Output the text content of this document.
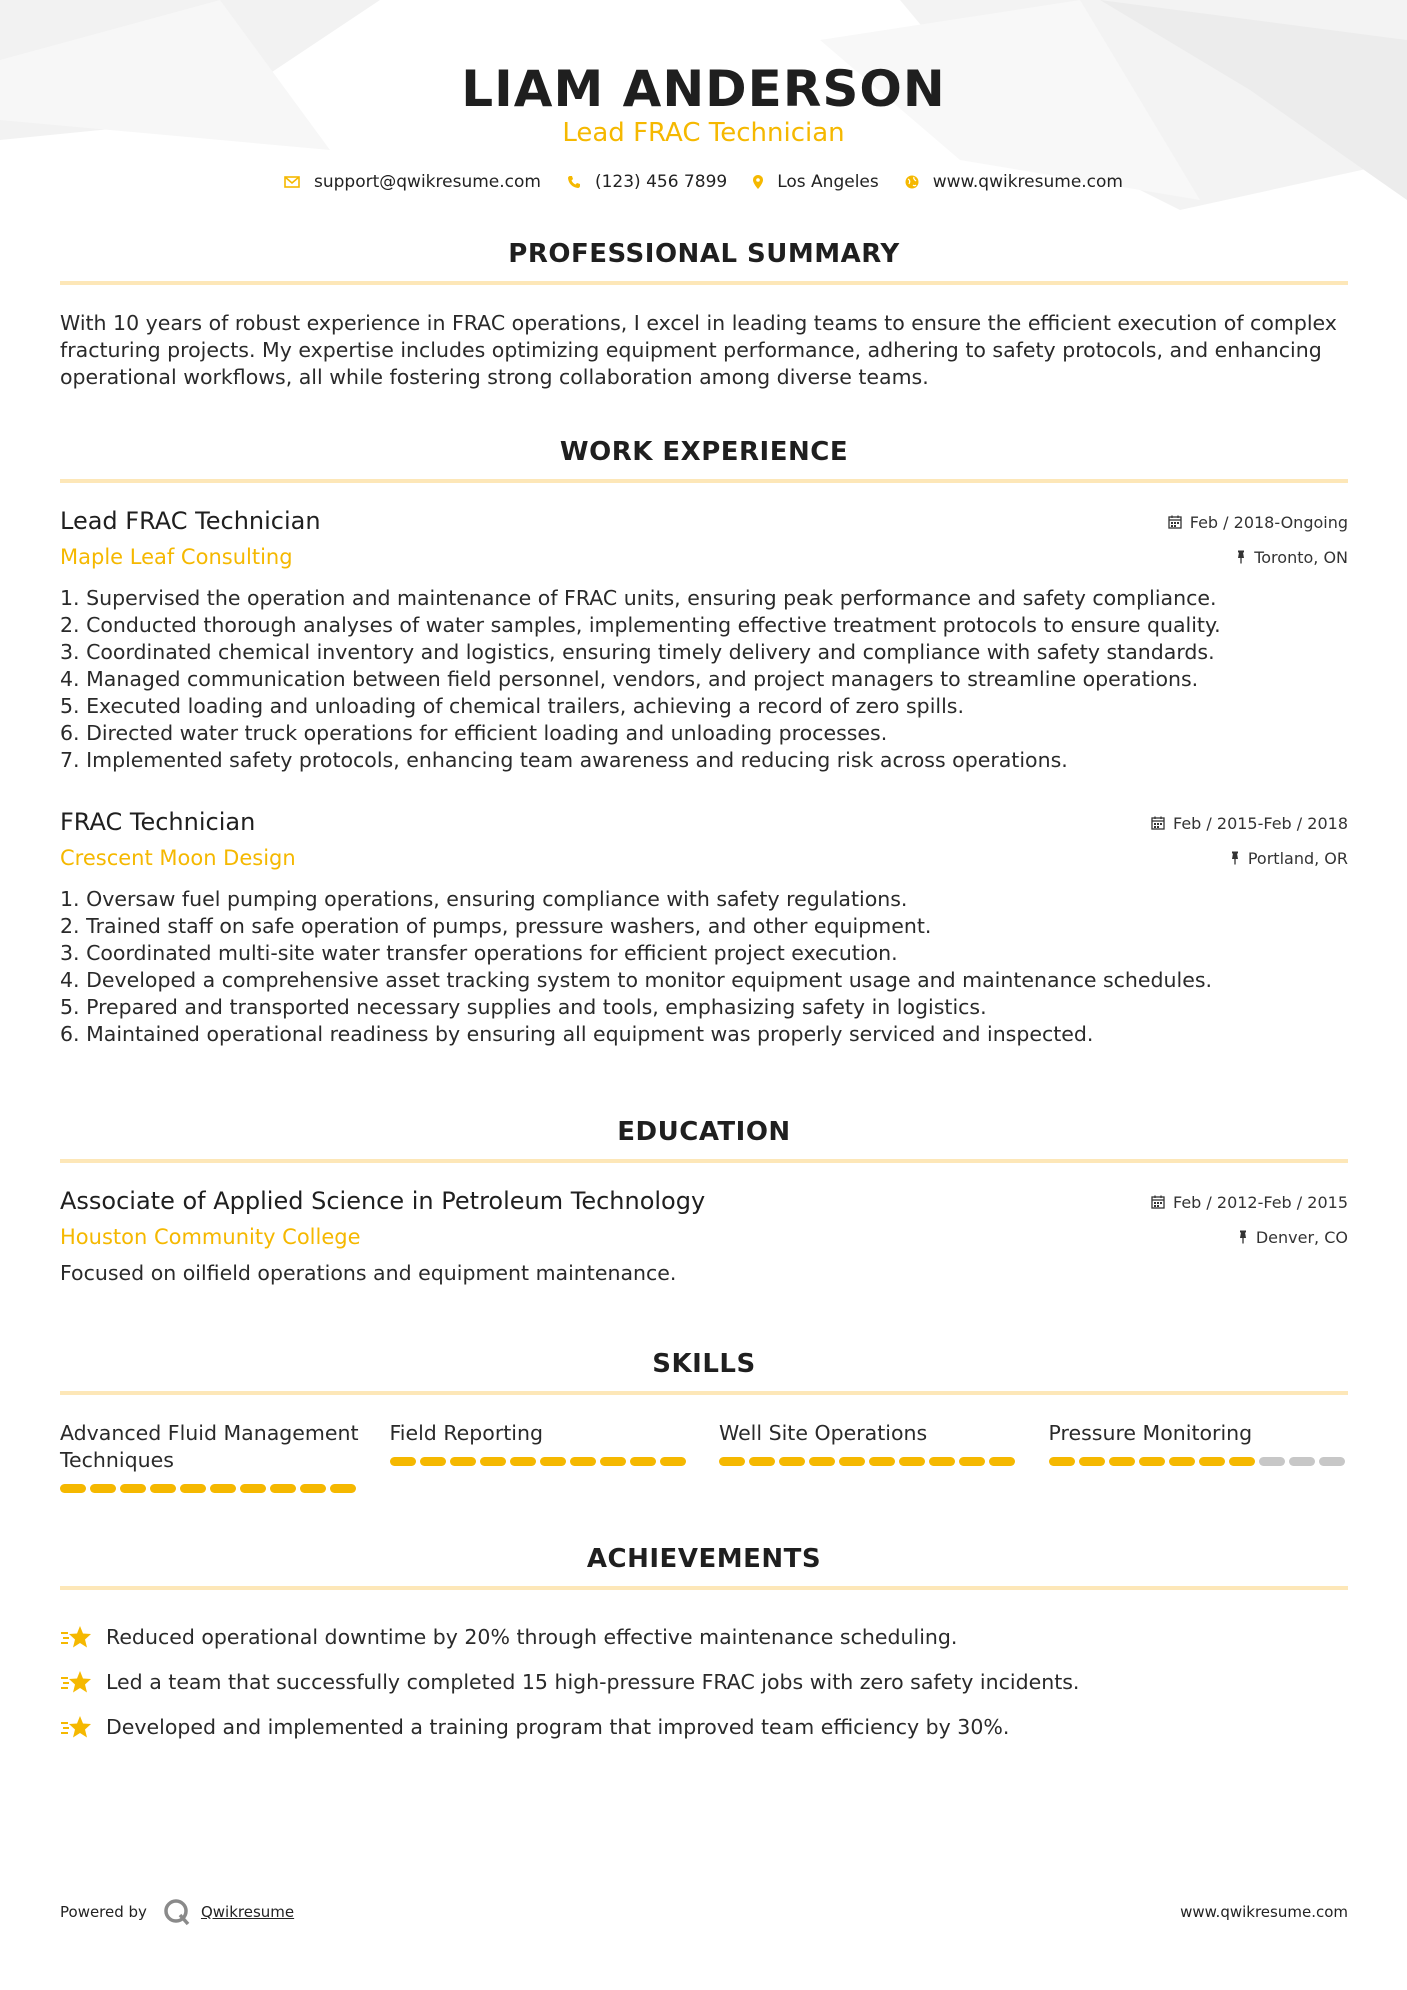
LIAM ANDERSON
Lead FRAC Technician
support@qwikresume.com	(123) 456 7899	Los Angeles	www.qwikresume.com
PROFESSIONAL SUMMARY
With 10 years of robust experience in FRAC operations, I excel in leading teams to ensure the efficient execution of complex fracturing projects. My expertise includes optimizing equipment performance, adhering to safety protocols, and enhancing operational workflows, all while fostering strong collaboration among diverse teams.
WORK EXPERIENCE
Lead FRAC Technician	Feb / 2018-Ongoing
Maple Leaf Consulting	Toronto, ON
1. Supervised the operation and maintenance of FRAC units, ensuring peak performance and safety compliance.
2. Conducted thorough analyses of water samples, implementing effective treatment protocols to ensure quality.
3. Coordinated chemical inventory and logistics, ensuring timely delivery and compliance with safety standards.
4. Managed communication between field personnel, vendors, and project managers to streamline operations.
5. Executed loading and unloading of chemical trailers, achieving a record of zero spills.
6. Directed water truck operations for efficient loading and unloading processes.
7. Implemented safety protocols, enhancing team awareness and reducing risk across operations.
FRAC Technician	Feb / 2015-Feb / 2018
Crescent Moon Design	Portland, OR
1. Oversaw fuel pumping operations, ensuring compliance with safety regulations.
2. Trained staff on safe operation of pumps, pressure washers, and other equipment.
3. Coordinated multi-site water transfer operations for efficient project execution.
4. Developed a comprehensive asset tracking system to monitor equipment usage and maintenance schedules.
5. Prepared and transported necessary supplies and tools, emphasizing safety in logistics.
6. Maintained operational readiness by ensuring all equipment was properly serviced and inspected.
EDUCATION
Associate of Applied Science in Petroleum Technology	Feb / 2012-Feb / 2015
Houston Community College	Denver, CO
Focused on oilfield operations and equipment maintenance.
SKILLS
Advanced Fluid Management Techniques
Field Reporting	Well Site Operations	Pressure Monitoring
ACHIEVEMENTS
Reduced operational downtime by 20% through effective maintenance scheduling.
Led a team that successfully completed 15 high-pressure FRAC jobs with zero safety incidents.
Developed and implemented a training program that improved team efficiency by 30%.
Powered by	Qwikresume	www.qwikresume.com
